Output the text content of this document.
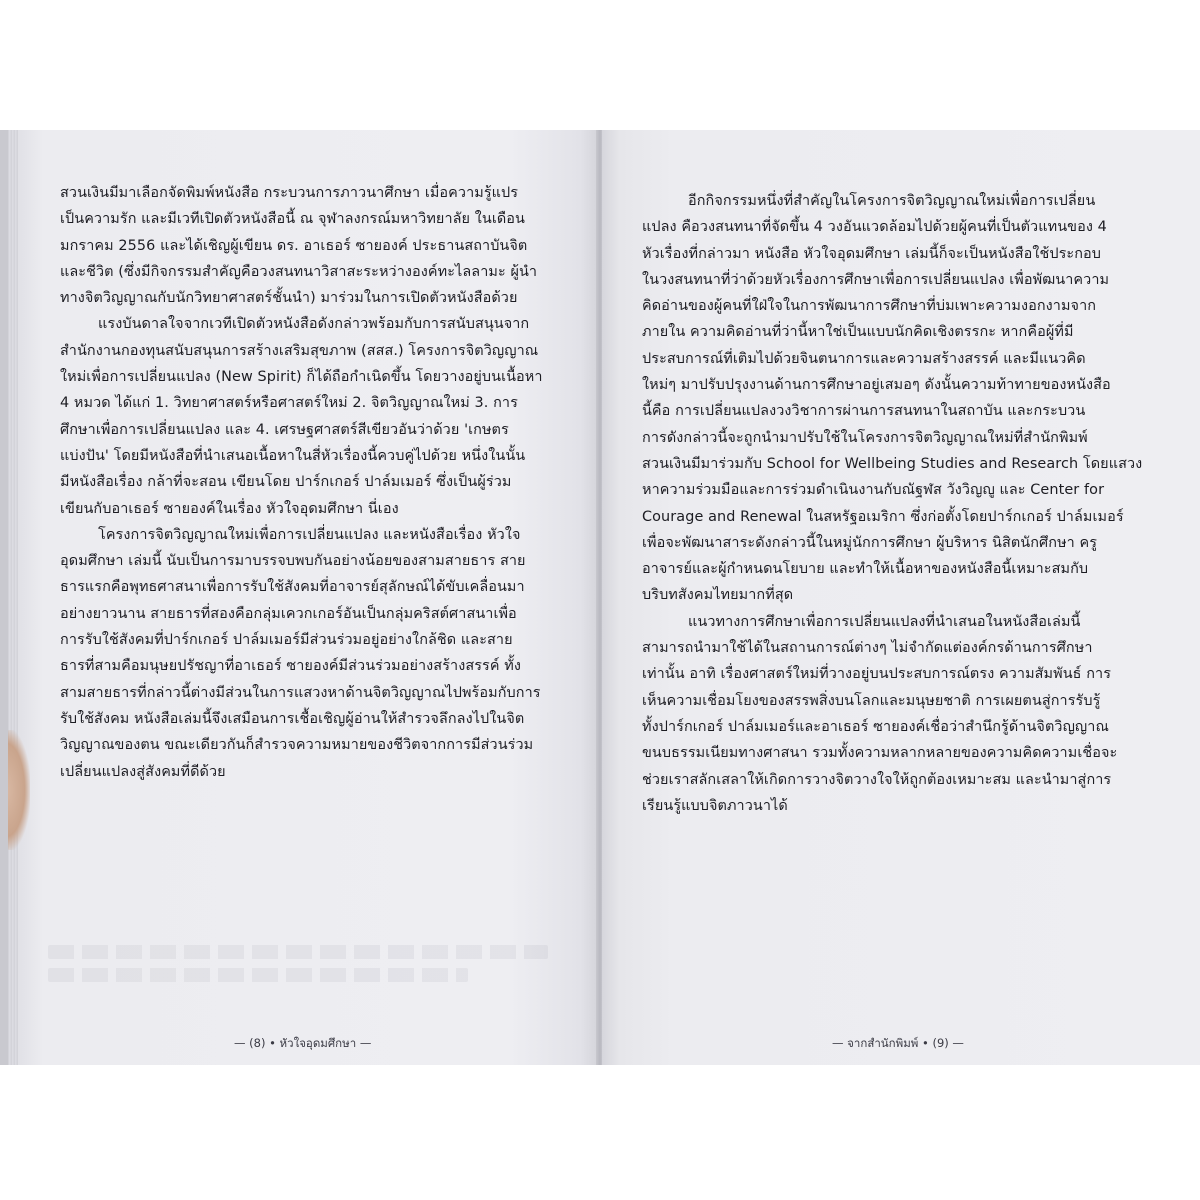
สวนเงินมีมาเลือกจัดพิมพ์หนังสือ กระบวนการภาวนาศึกษา เมื่อความรู้แปร
เป็นความรัก และมีเวทีเปิดตัวหนังสือนี้ ณ จุฬาลงกรณ์มหาวิทยาลัย ในเดือน
มกราคม 2556 และได้เชิญผู้เขียน ดร. อาเธอร์ ซายองค์ ประธานสถาบันจิต
และชีวิต (ซึ่งมีกิจกรรมสำคัญคือวงสนทนาวิสาสะระหว่างองค์ทะไลลามะ ผู้นำ
ทางจิตวิญญาณกับนักวิทยาศาสตร์ชั้นนำ) มาร่วมในการเปิดตัวหนังสือด้วย
แรงบันดาลใจจากเวทีเปิดตัวหนังสือดังกล่าวพร้อมกับการสนับสนุนจาก
สำนักงานกองทุนสนับสนุนการสร้างเสริมสุขภาพ (สสส.) โครงการจิตวิญญาณ
ใหม่เพื่อการเปลี่ยนแปลง (New Spirit) ก็ได้ถือกำเนิดขึ้น โดยวางอยู่บนเนื้อหา
4 หมวด ได้แก่ 1. วิทยาศาสตร์หรือศาสตร์ใหม่ 2. จิตวิญญาณใหม่ 3. การ
ศึกษาเพื่อการเปลี่ยนแปลง และ 4. เศรษฐศาสตร์สีเขียวอันว่าด้วย 'เกษตร
แบ่งปัน' โดยมีหนังสือที่นำเสนอเนื้อหาในสี่หัวเรื่องนี้ควบคู่ไปด้วย หนึ่งในนั้น
มีหนังสือเรื่อง กล้าที่จะสอน เขียนโดย ปาร์กเกอร์ ปาล์มเมอร์ ซึ่งเป็นผู้ร่วม
เขียนกับอาเธอร์ ซายองค์ในเรื่อง หัวใจอุดมศึกษา นี่เอง
โครงการจิตวิญญาณใหม่เพื่อการเปลี่ยนแปลง และหนังสือเรื่อง หัวใจ
อุดมศึกษา เล่มนี้ นับเป็นการมาบรรจบพบกันอย่างน้อยของสามสายธาร สาย
ธารแรกคือพุทธศาสนาเพื่อการรับใช้สังคมที่อาจารย์สุลักษณ์ได้ขับเคลื่อนมา
อย่างยาวนาน สายธารที่สองคือกลุ่มเควกเกอร์อันเป็นกลุ่มคริสต์ศาสนาเพื่อ
การรับใช้สังคมที่ปาร์กเกอร์ ปาล์มเมอร์มีส่วนร่วมอยู่อย่างใกล้ชิด และสาย
ธารที่สามคือมนุษยปรัชญาที่อาเธอร์ ซายองค์มีส่วนร่วมอย่างสร้างสรรค์ ทั้ง
สามสายธารที่กล่าวนี้ต่างมีส่วนในการแสวงหาด้านจิตวิญญาณไปพร้อมกับการ
รับใช้สังคม หนังสือเล่มนี้จึงเสมือนการเชื้อเชิญผู้อ่านให้สำรวจลึกลงไปในจิต
วิญญาณของตน ขณะเดียวกันก็สำรวจความหมายของชีวิตจากการมีส่วนร่วม
เปลี่ยนแปลงสู่สังคมที่ดีด้วย
— (8) • หัวใจอุดมศึกษา —
อีกกิจกรรมหนึ่งที่สำคัญในโครงการจิตวิญญาณใหม่เพื่อการเปลี่ยน
แปลง คือวงสนทนาที่จัดขึ้น 4 วงอันแวดล้อมไปด้วยผู้คนที่เป็นตัวแทนของ 4
หัวเรื่องที่กล่าวมา หนังสือ หัวใจอุดมศึกษา เล่มนี้ก็จะเป็นหนังสือใช้ประกอบ
ในวงสนทนาที่ว่าด้วยหัวเรื่องการศึกษาเพื่อการเปลี่ยนแปลง เพื่อพัฒนาความ
คิดอ่านของผู้คนที่ใฝ่ใจในการพัฒนาการศึกษาที่บ่มเพาะความงอกงามจาก
ภายใน ความคิดอ่านที่ว่านี้หาใช่เป็นแบบนักคิดเชิงตรรกะ หากคือผู้ที่มี
ประสบการณ์ที่เติมไปด้วยจินตนาการและความสร้างสรรค์ และมีแนวคิด
ใหม่ๆ มาปรับปรุงงานด้านการศึกษาอยู่เสมอๆ ดังนั้นความท้าทายของหนังสือ
นี้คือ การเปลี่ยนแปลงวงวิชาการผ่านการสนทนาในสถาบัน และกระบวน
การดังกล่าวนี้จะถูกนำมาปรับใช้ในโครงการจิตวิญญาณใหม่ที่สำนักพิมพ์
สวนเงินมีมาร่วมกับ School for Wellbeing Studies and Research โดยแสวง
หาความร่วมมือและการร่วมดำเนินงานกับณัฐฬส วังวิญญู และ Center for
Courage and Renewal ในสหรัฐอเมริกา ซึ่งก่อตั้งโดยปาร์กเกอร์ ปาล์มเมอร์
เพื่อจะพัฒนาสาระดังกล่าวนี้ในหมู่นักการศึกษา ผู้บริหาร นิสิตนักศึกษา ครู
อาจารย์และผู้กำหนดนโยบาย และทำให้เนื้อหาของหนังสือนี้เหมาะสมกับ
บริบทสังคมไทยมากที่สุด
แนวทางการศึกษาเพื่อการเปลี่ยนแปลงที่นำเสนอในหนังสือเล่มนี้
สามารถนำมาใช้ได้ในสถานการณ์ต่างๆ ไม่จำกัดแต่องค์กรด้านการศึกษา
เท่านั้น อาทิ เรื่องศาสตร์ใหม่ที่วางอยู่บนประสบการณ์ตรง ความสัมพันธ์ การ
เห็นความเชื่อมโยงของสรรพสิ่งบนโลกและมนุษยชาติ การเผยตนสู่การรับรู้
ทั้งปาร์กเกอร์ ปาล์มเมอร์และอาเธอร์ ซายองค์เชื่อว่าสำนึกรู้ด้านจิตวิญญาณ
ขนบธรรมเนียมทางศาสนา รวมทั้งความหลากหลายของความคิดความเชื่อจะ
ช่วยเราสลักเสลาให้เกิดการวางจิตวางใจให้ถูกต้องเหมาะสม และนำมาสู่การ
เรียนรู้แบบจิตภาวนาได้
— จากสำนักพิมพ์ • (9) —
